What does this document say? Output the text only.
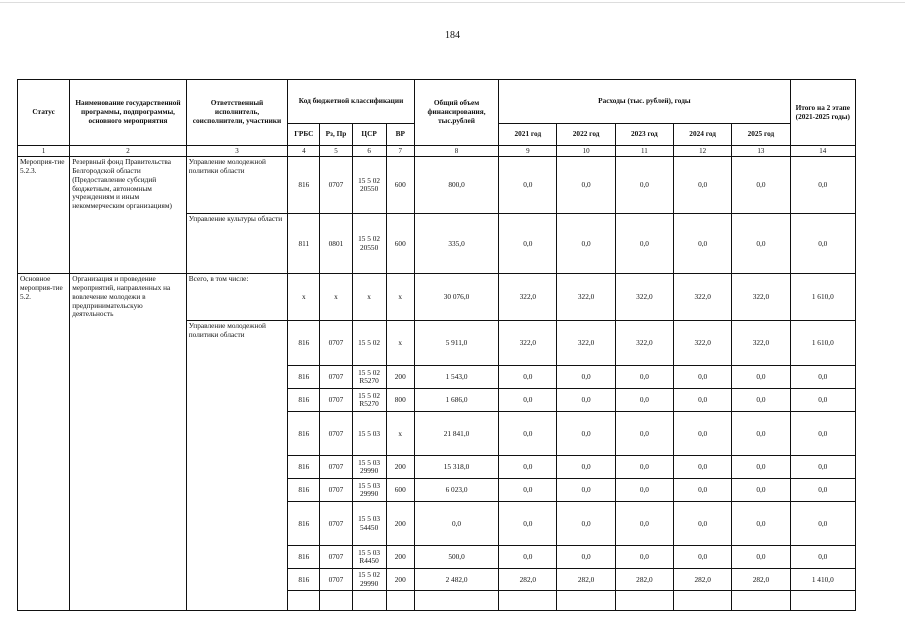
184
Статус	Наименование государственной программы, подпрограммы, основного мероприятия	Ответственный исполнитель, соисполнители, участники	Код бюджетной классификации				Общий объем финансирования, тыс.рублей	Расходы (тыс. рублей), годы					Итого на 2 этапе (2021-2025 годы)
			ГРБС	Рз, Пр	ЦСР	ВР		2021 год	2022 год	2023 год	2024 год	2025 год	
1	2	3	4	5	6	7	8	9	10	11	12	13	14
Мероприя-тие 5.2.3.	Резервный фонд Правительства Белгородской области (Предоставление субсидий бюджетным, автономным учреждениям и иным некоммерческим организациям)	Управление молодежной политики области	816	0707	15 5 02 20550	600	800,0	0,0	0,0	0,0	0,0	0,0	0,0
		Управление культуры области	811	0801	15 5 02 20550	600	335,0	0,0	0,0	0,0	0,0	0,0	0,0
Основное мероприя-тие 5.2.	Организация и проведение мероприятий, направленных на вовлечение молодежи в предпринимательскую деятельность	Всего, в том числе:	x	x	x	x	30 076,0	322,0	322,0	322,0	322,0	322,0	1 610,0
		Управление молодежной политики области	816	0707	15 5 02	x	5 911,0	322,0	322,0	322,0	322,0	322,0	1 610,0
			816	0707	15 5 02 R5270	200	1 543,0	0,0	0,0	0,0	0,0	0,0	0,0
			816	0707	15 5 02 R5270	800	1 686,0	0,0	0,0	0,0	0,0	0,0	0,0
			816	0707	15 5 03	x	21 841,0	0,0	0,0	0,0	0,0	0,0	0,0
			816	0707	15 5 03 29990	200	15 318,0	0,0	0,0	0,0	0,0	0,0	0,0
			816	0707	15 5 03 29990	600	6 023,0	0,0	0,0	0,0	0,0	0,0	0,0
			816	0707	15 5 03 54450	200	0,0	0,0	0,0	0,0	0,0	0,0	0,0
			816	0707	15 5 03 R4450	200	500,0	0,0	0,0	0,0	0,0	0,0	0,0
			816	0707	15 5 02 29990	200	2 482,0	282,0	282,0	282,0	282,0	282,0	1 410,0
